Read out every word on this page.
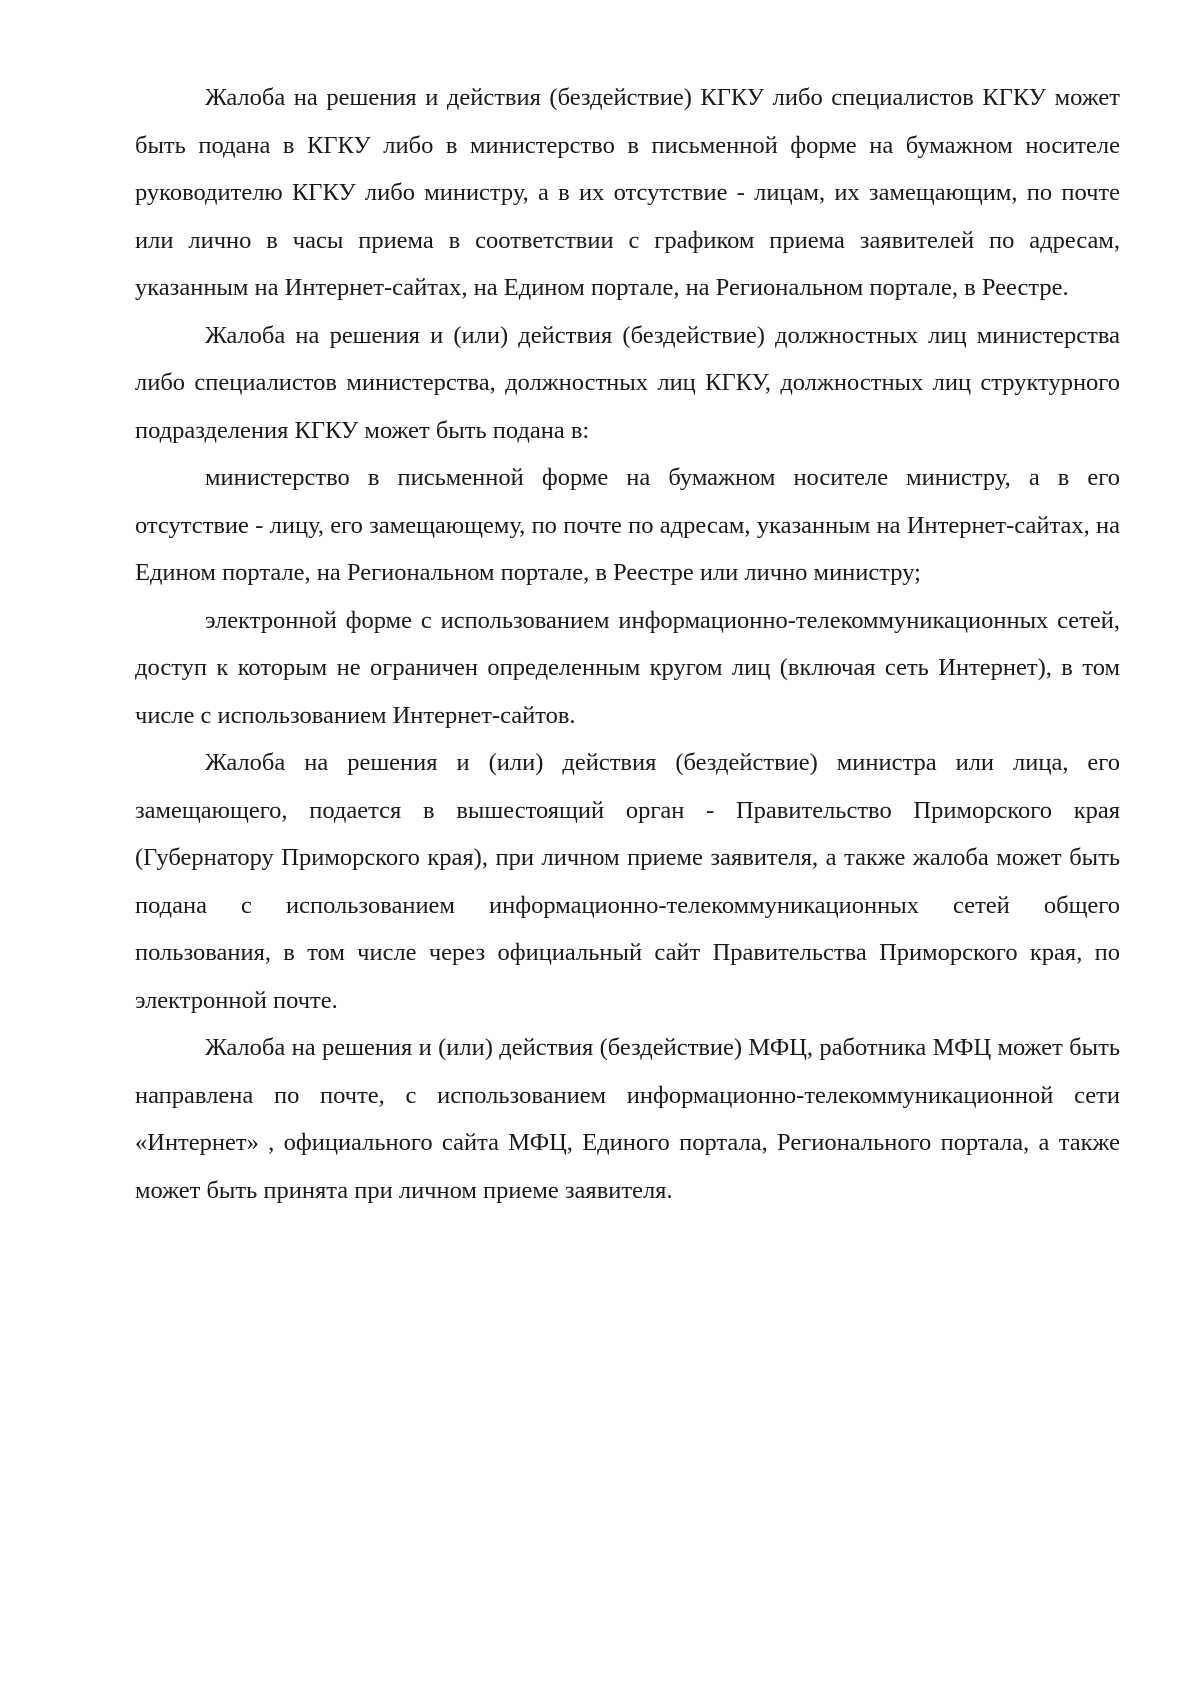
Жалоба на решения и действия (бездействие) КГКУ либо специалистов КГКУ может быть подана в КГКУ либо в министерство в письменной форме на бумажном носителе руководителю КГКУ либо министру, а в их отсутствие - лицам, их замещающим, по почте или лично в часы приема в соответствии с графиком приема заявителей по адресам, указанным на Интернет-сайтах, на Едином портале, на Региональном портале, в Реестре.

Жалоба на решения и (или) действия (бездействие) должностных лиц министерства либо специалистов министерства, должностных лиц КГКУ, должностных лиц структурного подразделения КГКУ может быть подана в:

министерство в письменной форме на бумажном носителе министру, а в его отсутствие - лицу, его замещающему, по почте по адресам, указанным на Интернет-сайтах, на Едином портале, на Региональном портале, в Реестре или лично министру;

электронной форме с использованием информационно-телекоммуникационных сетей, доступ к которым не ограничен определенным кругом лиц (включая сеть Интернет), в том числе с использованием Интернет-сайтов.

Жалоба на решения и (или) действия (бездействие) министра или лица, его замещающего, подается в вышестоящий орган - Правительство Приморского края (Губернатору Приморского края), при личном приеме заявителя, а также жалоба может быть подана с использованием информационно-телекоммуникационных сетей общего пользования, в том числе через официальный сайт Правительства Приморского края, по электронной почте.

Жалоба на решения и (или) действия (бездействие) МФЦ, работника МФЦ может быть направлена по почте, с использованием информационно-телекоммуникационной сети «Интернет» , официального сайта МФЦ, Единого портала, Регионального портала, а также может быть принята при личном приеме заявителя.
